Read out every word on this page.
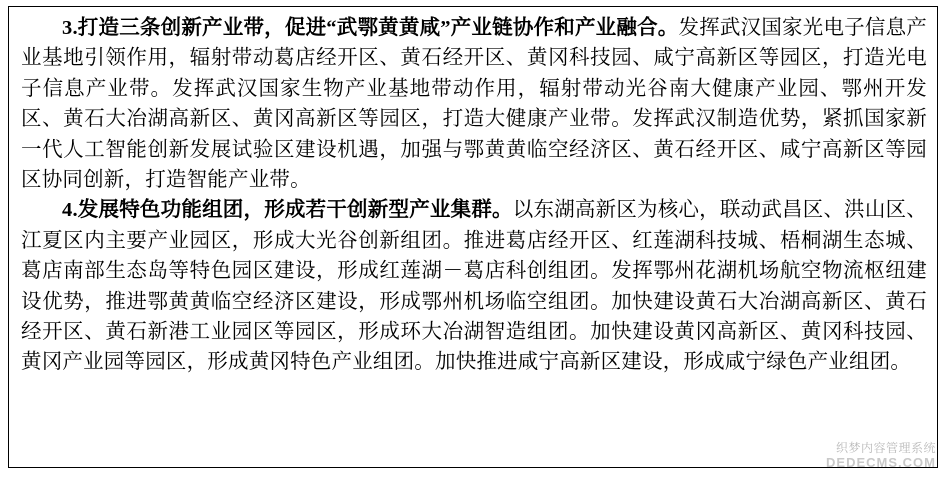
3.打造三条创新产业带，促进“武鄂黄黄咸”产业链协作和产业融合。发挥武汉国家光电子信息产业基地引领作用，辐射带动葛店经开区、黄石经开区、黄冈科技园、咸宁高新区等园区，打造光电子信息产业带。发挥武汉国家生物产业基地带动作用，辐射带动光谷南大健康产业园、鄂州开发区、黄石大冶湖高新区、黄冈高新区等园区，打造大健康产业带。发挥武汉制造优势，紧抓国家新一代人工智能创新发展试验区建设机遇，加强与鄂黄黄临空经济区、黄石经开区、咸宁高新区等园区协同创新，打造智能产业带。

4.发展特色功能组团，形成若干创新型产业集群。以东湖高新区为核心，联动武昌区、洪山区、江夏区内主要产业园区，形成大光谷创新组团。推进葛店经开区、红莲湖科技城、梧桐湖生态城、葛店南部生态岛等特色园区建设，形成红莲湖－葛店科创组团。发挥鄂州花湖机场航空物流枢纽建设优势，推进鄂黄黄临空经济区建设，形成鄂州机场临空组团。加快建设黄石大冶湖高新区、黄石经开区、黄石新港工业园区等园区，形成环大冶湖智造组团。加快建设黄冈高新区、黄冈科技园、黄冈产业园等园区，形成黄冈特色产业组团。加快推进咸宁高新区建设，形成咸宁绿色产业组团。

织梦内容管理系统
DEDECMS.COM
